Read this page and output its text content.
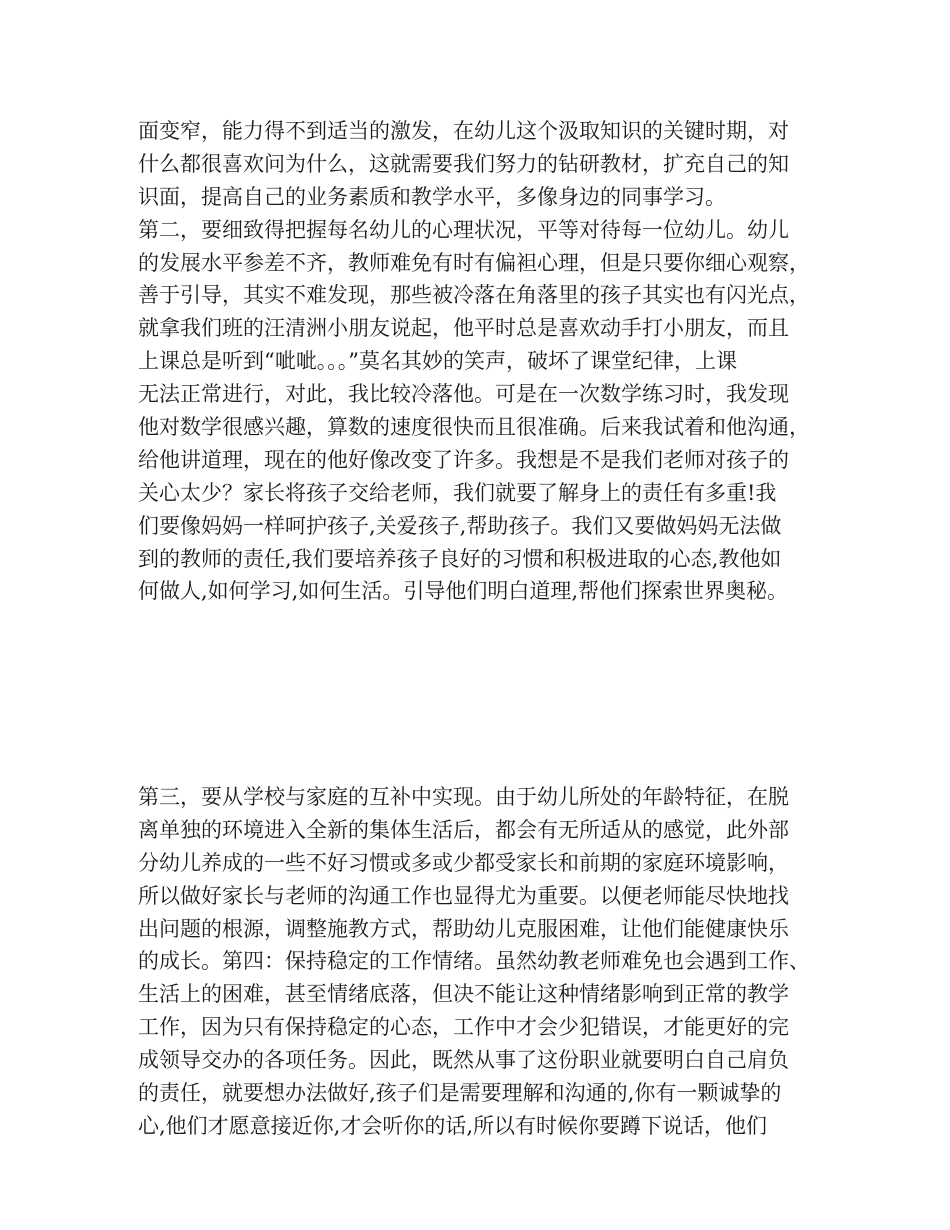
面变窄，能力得不到适当的激发，在幼儿这个汲取知识的关键时期，对
什么都很喜欢问为什么，这就需要我们努力的钻研教材，扩充自己的知
识面，提高自己的业务素质和教学水平，多像身边的同事学习。
第二，要细致得把握每名幼儿的心理状况，平等对待每一位幼儿。幼儿
的发展水平参差不齐，教师难免有时有偏袒心理，但是只要你细心观察，
善于引导，其实不难发现，那些被冷落在角落里的孩子其实也有闪光点，
就拿我们班的汪清洲小朋友说起，他平时总是喜欢动手打小朋友，而且
上课总是听到“呲呲。。。”莫名其妙的笑声，破坏了课堂纪律，上课
无法正常进行，对此，我比较冷落他。可是在一次数学练习时，我发现
他对数学很感兴趣，算数的速度很快而且很准确。后来我试着和他沟通，
给他讲道理，现在的他好像改变了许多。我想是不是我们老师对孩子的
关心太少？家长将孩子交给老师，我们就要了解身上的责任有多重!我
们要像妈妈一样呵护孩子,关爱孩子,帮助孩子。我们又要做妈妈无法做
到的教师的责任,我们要培养孩子良好的习惯和积极进取的心态,教他如
何做人,如何学习,如何生活。引导他们明白道理,帮他们探索世界奥秘。
第三，要从学校与家庭的互补中实现。由于幼儿所处的年龄特征，在脱
离单独的环境进入全新的集体生活后，都会有无所适从的感觉，此外部
分幼儿养成的一些不好习惯或多或少都受家长和前期的家庭环境影响，
所以做好家长与老师的沟通工作也显得尤为重要。以便老师能尽快地找
出问题的根源，调整施教方式，帮助幼儿克服困难，让他们能健康快乐
的成长。第四：保持稳定的工作情绪。虽然幼教老师难免也会遇到工作、
生活上的困难，甚至情绪底落，但决不能让这种情绪影响到正常的教学
工作，因为只有保持稳定的心态，工作中才会少犯错误，才能更好的完
成领导交办的各项任务。因此，既然从事了这份职业就要明白自己肩负
的责任，就要想办法做好,孩子们是需要理解和沟通的,你有一颗诚挚的
心,他们才愿意接近你,才会听你的话,所以有时候你要蹲下说话，他们
